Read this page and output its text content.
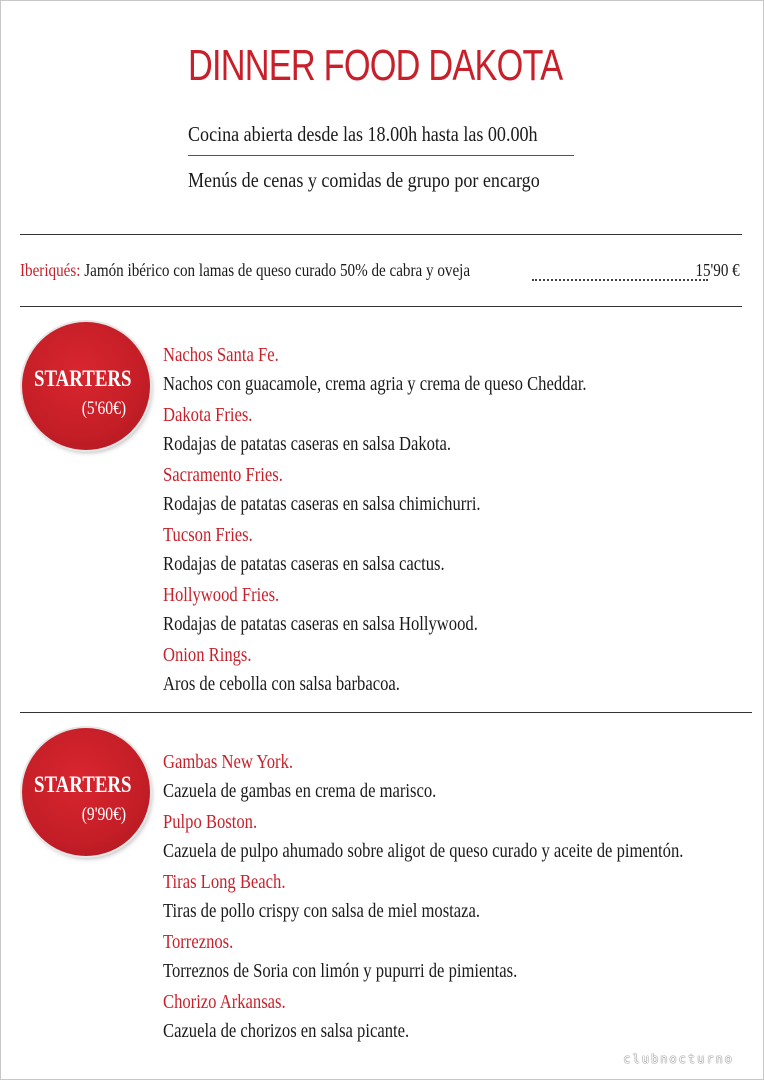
DINNER FOOD DAKOTA
Cocina abierta desde las 18.00h hasta las 00.00h
Menús de cenas y comidas de grupo por encargo
Iberiqués: Jamón ibérico con lamas de queso curado 50% de cabra y oveja	15'90 €
STARTERS
(5'60€)
Nachos Santa Fe.
Nachos con guacamole, crema agria y crema de queso Cheddar.
Dakota Fries.
Rodajas de patatas caseras en salsa Dakota.
Sacramento Fries.
Rodajas de patatas caseras en salsa chimichurri.
Tucson Fries.
Rodajas de patatas caseras en salsa cactus.
Hollywood Fries.
Rodajas de patatas caseras en salsa Hollywood.
Onion Rings.
Aros de cebolla con salsa barbacoa.
STARTERS
(9'90€)
Gambas New York.
Cazuela de gambas en crema de marisco.
Pulpo Boston.
Cazuela de pulpo ahumado sobre aligot de queso curado y aceite de pimentón.
Tiras Long Beach.
Tiras de pollo crispy con salsa de miel mostaza.
Torreznos.
Torreznos de Soria con limón y pupurri de pimientas.
Chorizo Arkansas.
Cazuela de chorizos en salsa picante.
clubnocturno
